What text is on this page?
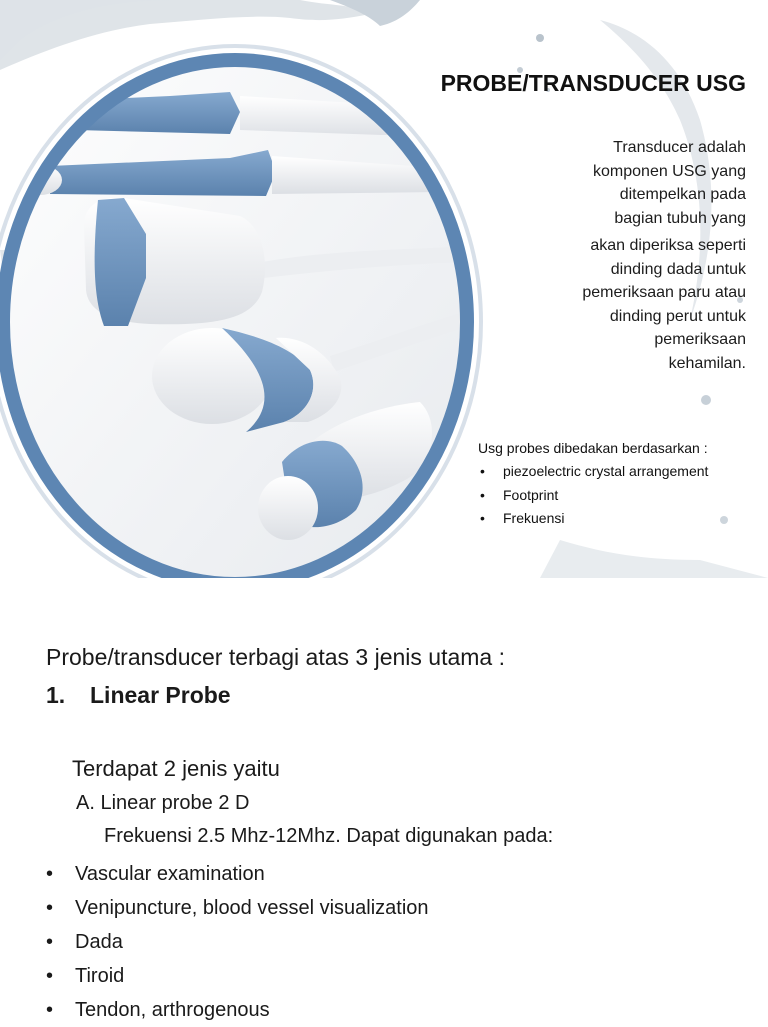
PROBE/TRANSDUCER USG
Transducer adalah
komponen USG yang
ditempelkan pada
bagian tubuh yang
akan diperiksa seperti
dinding dada untuk
pemeriksaan paru atau
dinding perut untuk
pemeriksaan
kehamilan.
Usg probes dibedakan berdasarkan :
• piezoelectric crystal arrangement
• Footprint
• Frekuensi
Probe/transducer terbagi atas 3 jenis utama :
1. Linear Probe
Terdapat 2 jenis yaitu
A. Linear probe 2 D
Frekuensi 2.5 Mhz-12Mhz. Dapat digunakan pada:
• Vascular examination
• Venipuncture, blood vessel visualization
• Dada
• Tiroid
• Tendon, arthrogenous
